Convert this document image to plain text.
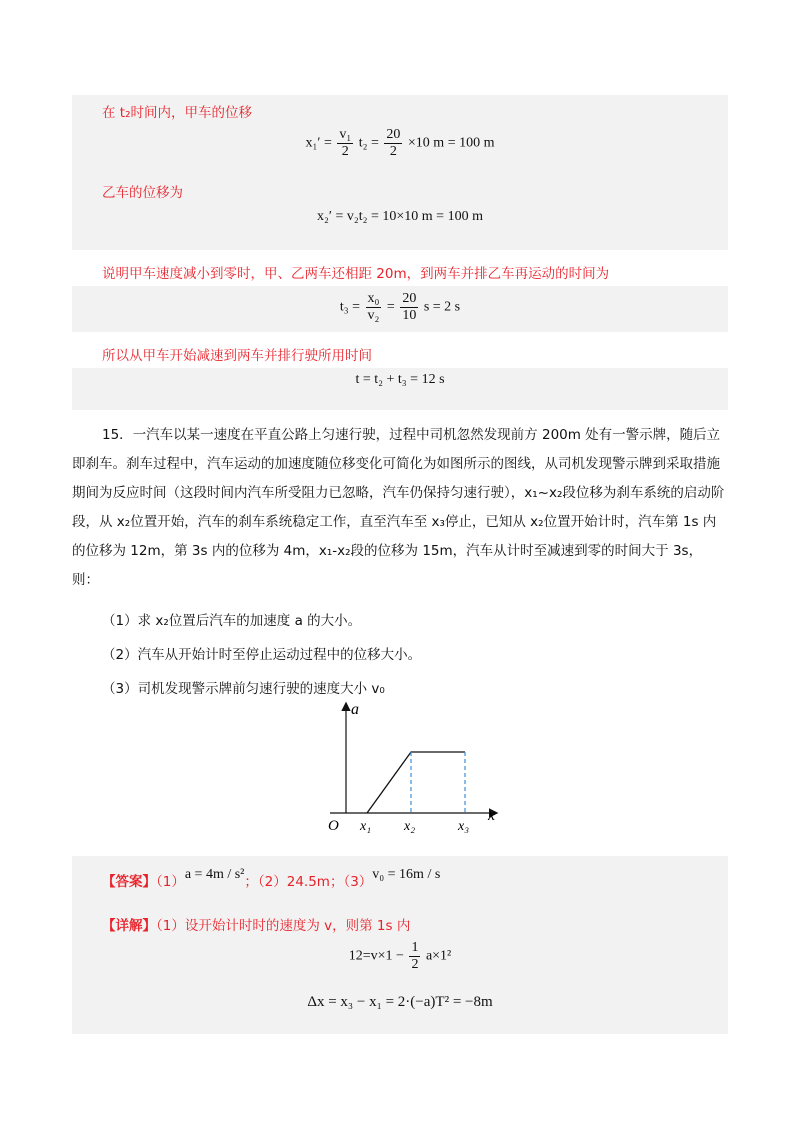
在 t₂时间内，甲车的位移
$x_1' = \frac{\text{v₁}}{2} t_2 = \frac{20}{2} \times 10$ m = 100 m
乙车的位移为
x₂′ = v₂t₂ = 10×10 m = 100 m
说明甲车速度减小到零时，甲、乙两车还相距 20m，到两车并排乙车再运动的时间为
$t_3 = \frac{\text{x₀}}{\text{v₂}} = \frac{20}{10}$ s = 2 s
所以从甲车开始减速到两车并排行驶所用时间
t = t₂ + t₃ = 12 s
15．一汽车以某一速度在平直公路上匀速行驶，过程中司机忽然发现前方 200m 处有一警示牌，随后立即刹车。刹车过程中，汽车运动的加速度随位移变化可简化为如图所示的图线，从司机发现警示牌到采取措施期间为反应时间（这段时间内汽车所受阻力已忽略，汽车仍保持匀速行驶），x₁~x₂段位移为刹车系统的启动阶段，从 x₂位置开始，汽车的刹车系统稳定工作，直至汽车至 x₃停止，已知从 x₂位置开始计时，汽车第 1s 内的位移为 12m，第 3s 内的位移为 4m，x₁-x₂段的位移为 15m，汽车从计时至减速到零的时间大于 3s，则：
（1）求 x₂位置后汽车的加速度 a 的大小。
（2）汽车从开始计时至停止运动过程中的位移大小。
（3）司机发现警示牌前匀速行驶的速度大小 v₀
a
x
O x₁ x₂	x₃
【答案】（1）a = 4m / s²；（2）24.5m；（3）v₀ = 16m / s
【详解】（1）设开始计时时的速度为 v，则第 1s 内
$12=v\times 1 - \frac{1}{2} a\times 1^2$
Δx = x₃ − x₁ = 2·(−a)T² = −8m
